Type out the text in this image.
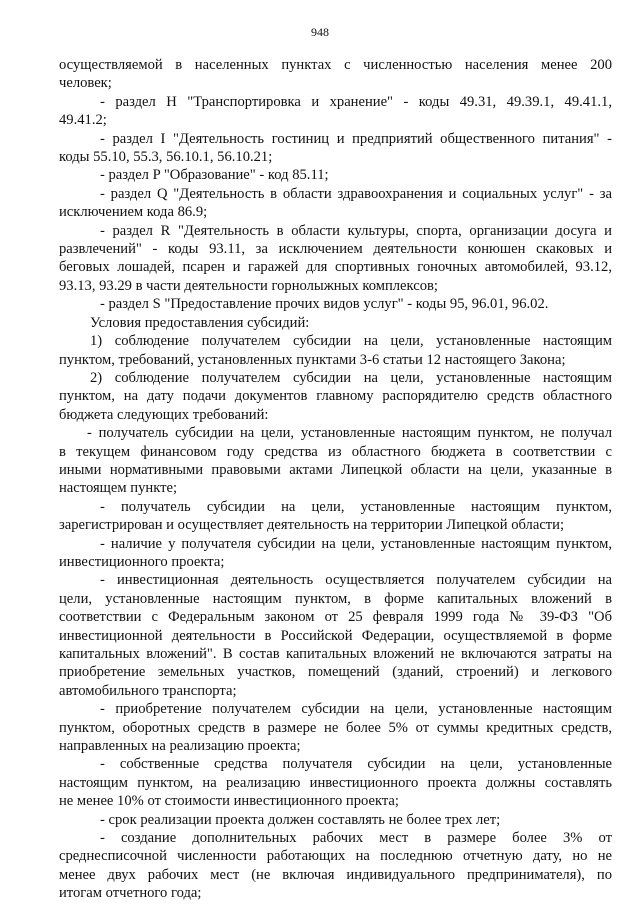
948
осуществляемой в населенных пунктах с численностью населения менее 200
человек;
- раздел H "Транспортировка и хранение" - коды 49.31, 49.39.1, 49.41.1,
49.41.2;
- раздел I "Деятельность гостиниц и предприятий общественного питания" -
коды 55.10, 55.3, 56.10.1, 56.10.21;
- раздел P "Образование" - код 85.11;
- раздел Q "Деятельность в области здравоохранения и социальных услуг" - за
исключением кода 86.9;
- раздел R "Деятельность в области культуры, спорта, организации досуга и
развлечений" - коды 93.11, за исключением деятельности конюшен скаковых и
беговых лошадей, псарен и гаражей для спортивных гоночных автомобилей, 93.12,
93.13, 93.29 в части деятельности горнолыжных комплексов;
- раздел S "Предоставление прочих видов услуг" - коды 95, 96.01, 96.02.
Условия предоставления субсидий:
1) соблюдение получателем субсидии на цели, установленные настоящим
пунктом, требований, установленных пунктами 3-6 статьи 12 настоящего Закона;
2) соблюдение получателем субсидии на цели, установленные настоящим
пунктом, на дату подачи документов главному распорядителю средств областного
бюджета следующих требований:
- получатель субсидии на цели, установленные настоящим пунктом, не получал
в текущем финансовом году средства из областного бюджета в соответствии с
иными нормативными правовыми актами Липецкой области на цели, указанные в
настоящем пункте;
- получатель субсидии на цели, установленные настоящим пунктом,
зарегистрирован и осуществляет деятельность на территории Липецкой области;
- наличие у получателя субсидии на цели, установленные настоящим пунктом,
инвестиционного проекта;
- инвестиционная деятельность осуществляется получателем субсидии на
цели, установленные настоящим пунктом, в форме капитальных вложений в
соответствии с Федеральным законом от 25 февраля 1999 года № 39-ФЗ "Об
инвестиционной деятельности в Российской Федерации, осуществляемой в форме
капитальных вложений". В состав капитальных вложений не включаются затраты на
приобретение земельных участков, помещений (зданий, строений) и легкового
автомобильного транспорта;
- приобретение получателем субсидии на цели, установленные настоящим
пунктом, оборотных средств в размере не более 5% от суммы кредитных средств,
направленных на реализацию проекта;
- собственные средства получателя субсидии на цели, установленные
настоящим пунктом, на реализацию инвестиционного проекта должны составлять
не менее 10% от стоимости инвестиционного проекта;
- срок реализации проекта должен составлять не более трех лет;
- создание дополнительных рабочих мест в размере более 3% от
среднесписочной численности работающих на последнюю отчетную дату, но не
менее двух рабочих мест (не включая индивидуального предпринимателя), по
итогам отчетного года;
